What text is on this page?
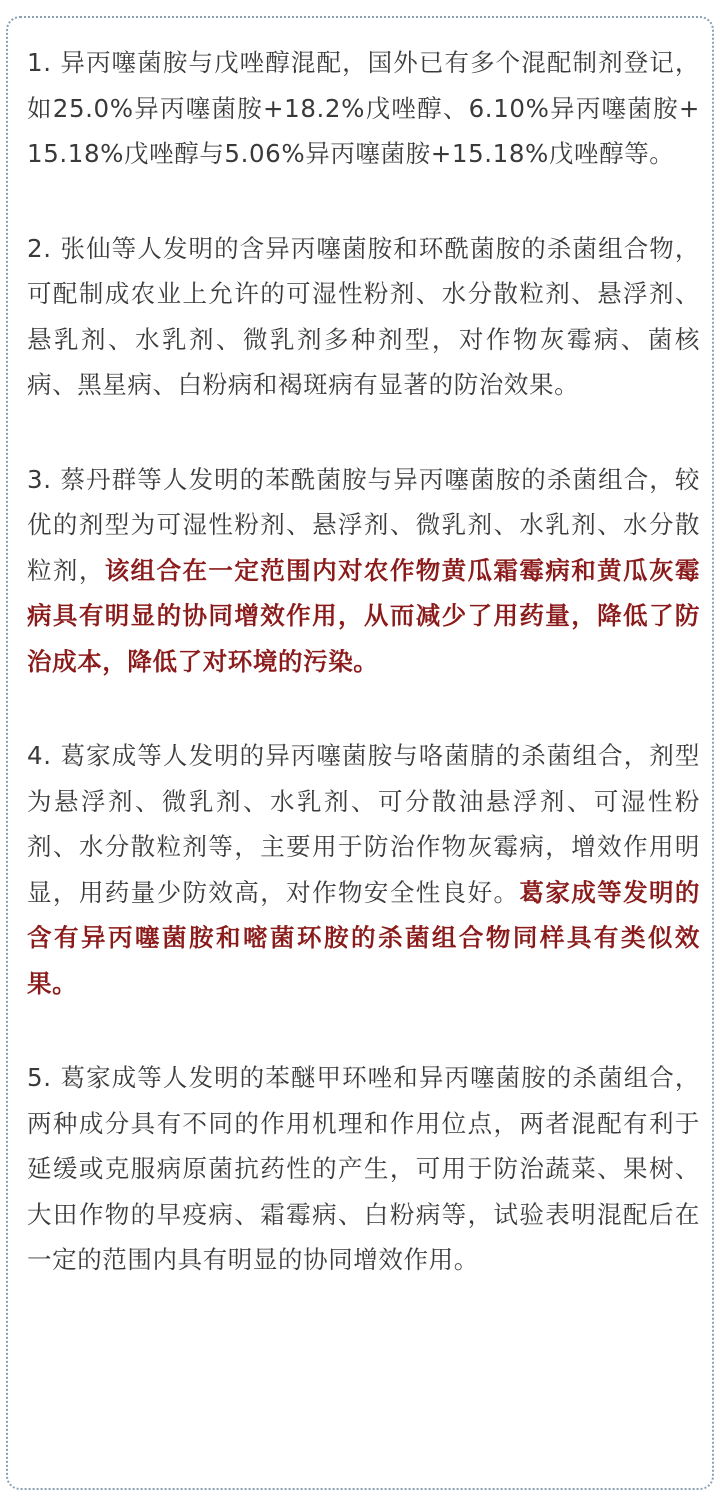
1. 异丙噻菌胺与戊唑醇混配，国外已有多个混配制剂登记，如25.0%异丙噻菌胺+18.2%戊唑醇、6.10%异丙噻菌胺+15.18%戊唑醇与5.06%异丙噻菌胺+15.18%戊唑醇等。

2. 张仙等人发明的含异丙噻菌胺和环酰菌胺的杀菌组合物，可配制成农业上允许的可湿性粉剂、水分散粒剂、悬浮剂、悬乳剂、水乳剂、微乳剂多种剂型，对作物灰霉病、菌核病、黑星病、白粉病和褐斑病有显著的防治效果。

3. 蔡丹群等人发明的苯酰菌胺与异丙噻菌胺的杀菌组合，较优的剂型为可湿性粉剂、悬浮剂、微乳剂、水乳剂、水分散粒剂，该组合在一定范围内对农作物黄瓜霜霉病和黄瓜灰霉病具有明显的协同增效作用，从而减少了用药量，降低了防治成本，降低了对环境的污染。

4. 葛家成等人发明的异丙噻菌胺与咯菌腈的杀菌组合，剂型为悬浮剂、微乳剂、水乳剂、可分散油悬浮剂、可湿性粉剂、水分散粒剂等，主要用于防治作物灰霉病，增效作用明显，用药量少防效高，对作物安全性良好。葛家成等发明的含有异丙噻菌胺和嘧菌环胺的杀菌组合物同样具有类似效果。

5. 葛家成等人发明的苯醚甲环唑和异丙噻菌胺的杀菌组合，两种成分具有不同的作用机理和作用位点，两者混配有利于延缓或克服病原菌抗药性的产生，可用于防治蔬菜、果树、大田作物的早疫病、霜霉病、白粉病等，试验表明混配后在一定的范围内具有明显的协同增效作用。
